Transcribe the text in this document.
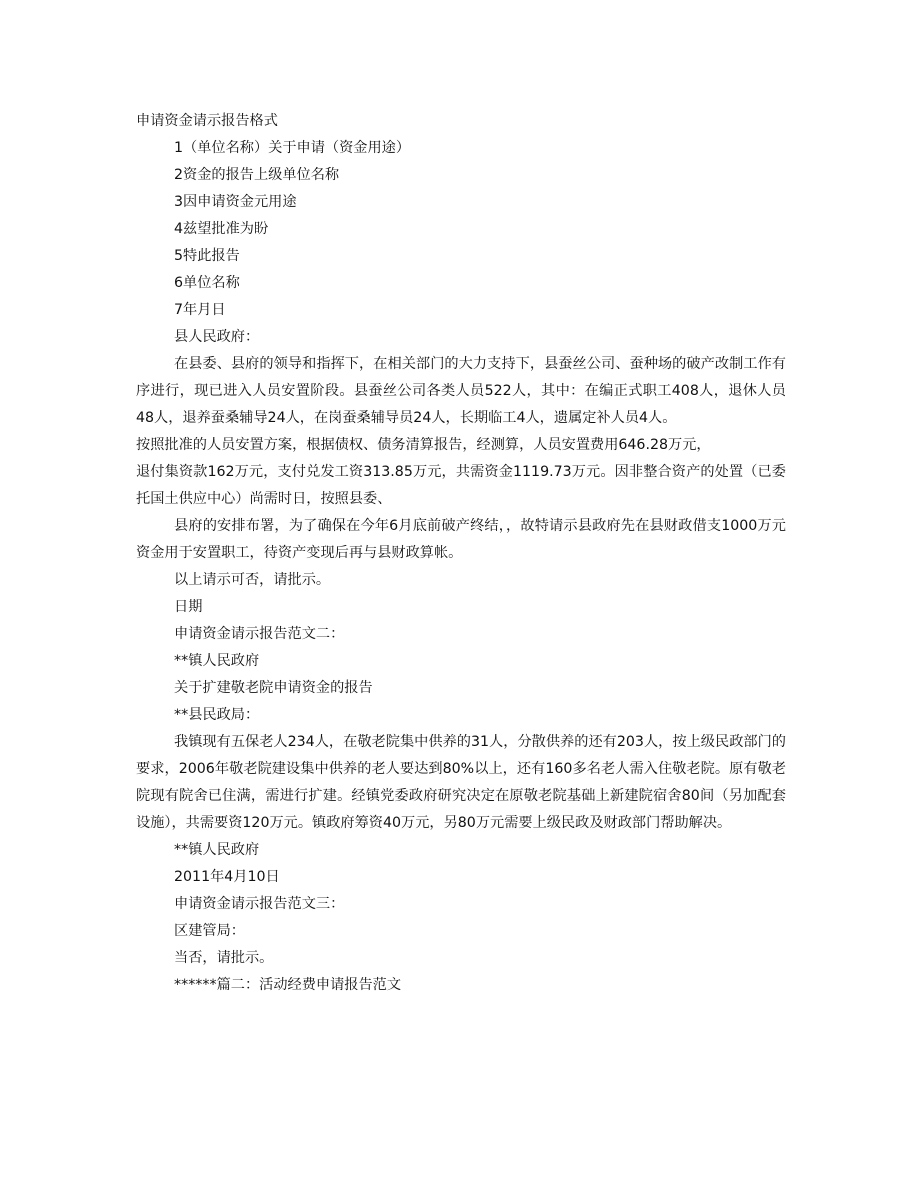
申请资金请示报告格式
1（单位名称）关于申请（资金用途）
2资金的报告上级单位名称
3因申请资金元用途
4兹望批准为盼
5特此报告
6单位名称
7年月日
县人民政府：
在县委、县府的领导和指挥下，在相关部门的大力支持下，县蚕丝公司、蚕种场的破产改制工作有序进行，现已进入人员安置阶段。县蚕丝公司各类人员522人，其中：在编正式职工408人，退休人员48人，退养蚕桑辅导24人，在岗蚕桑辅导员24人，长期临工4人，遗属定补人员4人。
按照批准的人员安置方案，根据债权、债务清算报告，经测算，人员安置费用646.28万元，
退付集资款162万元，支付兑发工资313.85万元，共需资金1119.73万元。因非整合资产的处置（已委托国土供应中心）尚需时日，按照县委、
县府的安排布署，为了确保在今年6月底前破产终结，，故特请示县政府先在县财政借支1000万元资金用于安置职工，待资产变现后再与县财政算帐。
以上请示可否，请批示。
日期
申请资金请示报告范文二：
**镇人民政府
关于扩建敬老院申请资金的报告
**县民政局：
我镇现有五保老人234人，在敬老院集中供养的31人，分散供养的还有203人，按上级民政部门的要求，2006年敬老院建设集中供养的老人要达到80%以上，还有160多名老人需入住敬老院。原有敬老院现有院舍已住满，需进行扩建。经镇党委政府研究决定在原敬老院基础上新建院宿舍80间（另加配套设施），共需要资120万元。镇政府筹资40万元，另80万元需要上级民政及财政部门帮助解决。
**镇人民政府
2011年4月10日
申请资金请示报告范文三：
区建管局：
当否，请批示。
******篇二：活动经费申请报告范文
